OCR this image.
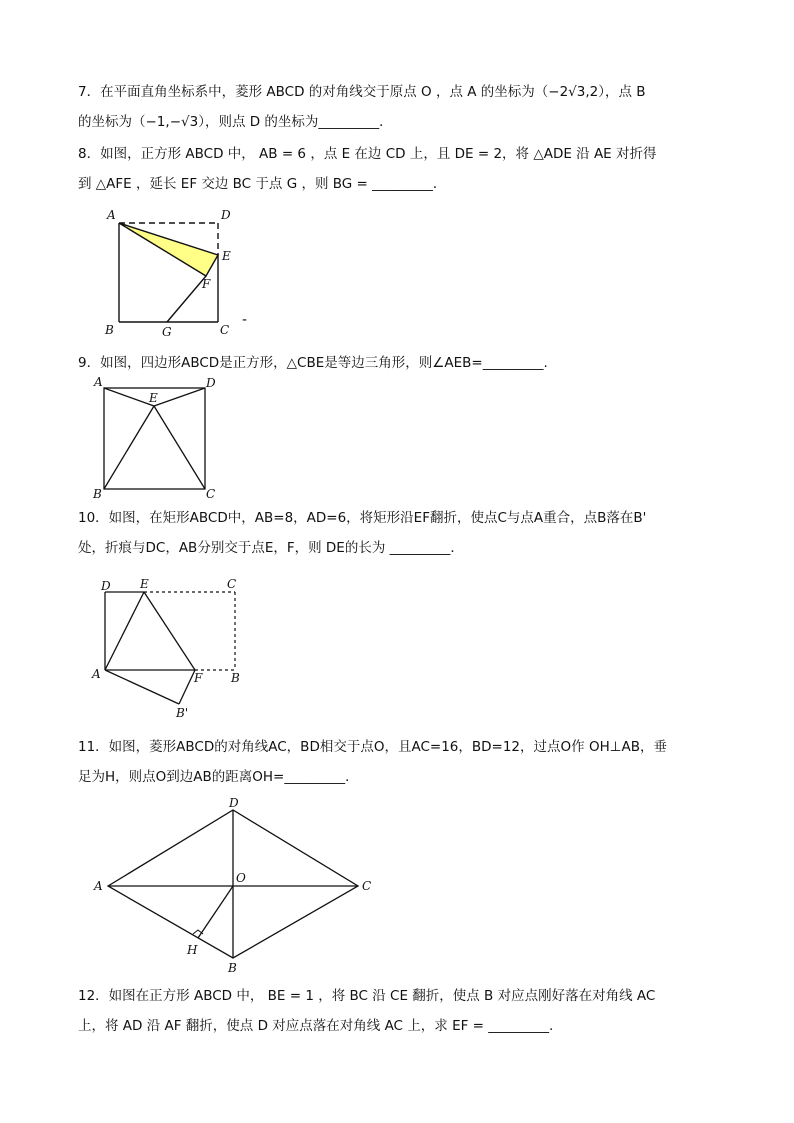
7．在平面直角坐标系中，菱形 ABCD 的对角线交于原点 O ，点 A 的坐标为（−2√3,2），点 B
的坐标为（−1,−√3），则点 D 的坐标为_________．
8．如图，正方形 ABCD 中， AB = 6 ，点 E 在边 CD 上，且 DE = 2，将 △ADE 沿 AE 对折得
到 △AFE ，延长 EF 交边 BC 于点 G ，则 BG = _________．
A	D
E
F
B	G	C
-
9．如图，四边形ABCD是正方形，△CBE是等边三角形，则∠AEB=_________.
A	D
E
B	C
10．如图，在矩形ABCD中，AB=8，AD=6，将矩形沿EF翻折，使点C与点A重合，点B落在B'
处，折痕与DC，AB分别交于点E，F，则 DE的长为 _________．
D E	C
A	F B
B'
11．如图，菱形ABCD的对角线AC，BD相交于点O，且AC=16，BD=12，过点O作 OH⊥AB，垂
足为H，则点O到边AB的距离OH=_________．
D
A
O
C
H
B
12．如图在正方形 ABCD 中， BE = 1 ，将 BC 沿 CE 翻折，使点 B 对应点刚好落在对角线 AC
上，将 AD 沿 AF 翻折，使点 D 对应点落在对角线 AC 上，求 EF = _________.
